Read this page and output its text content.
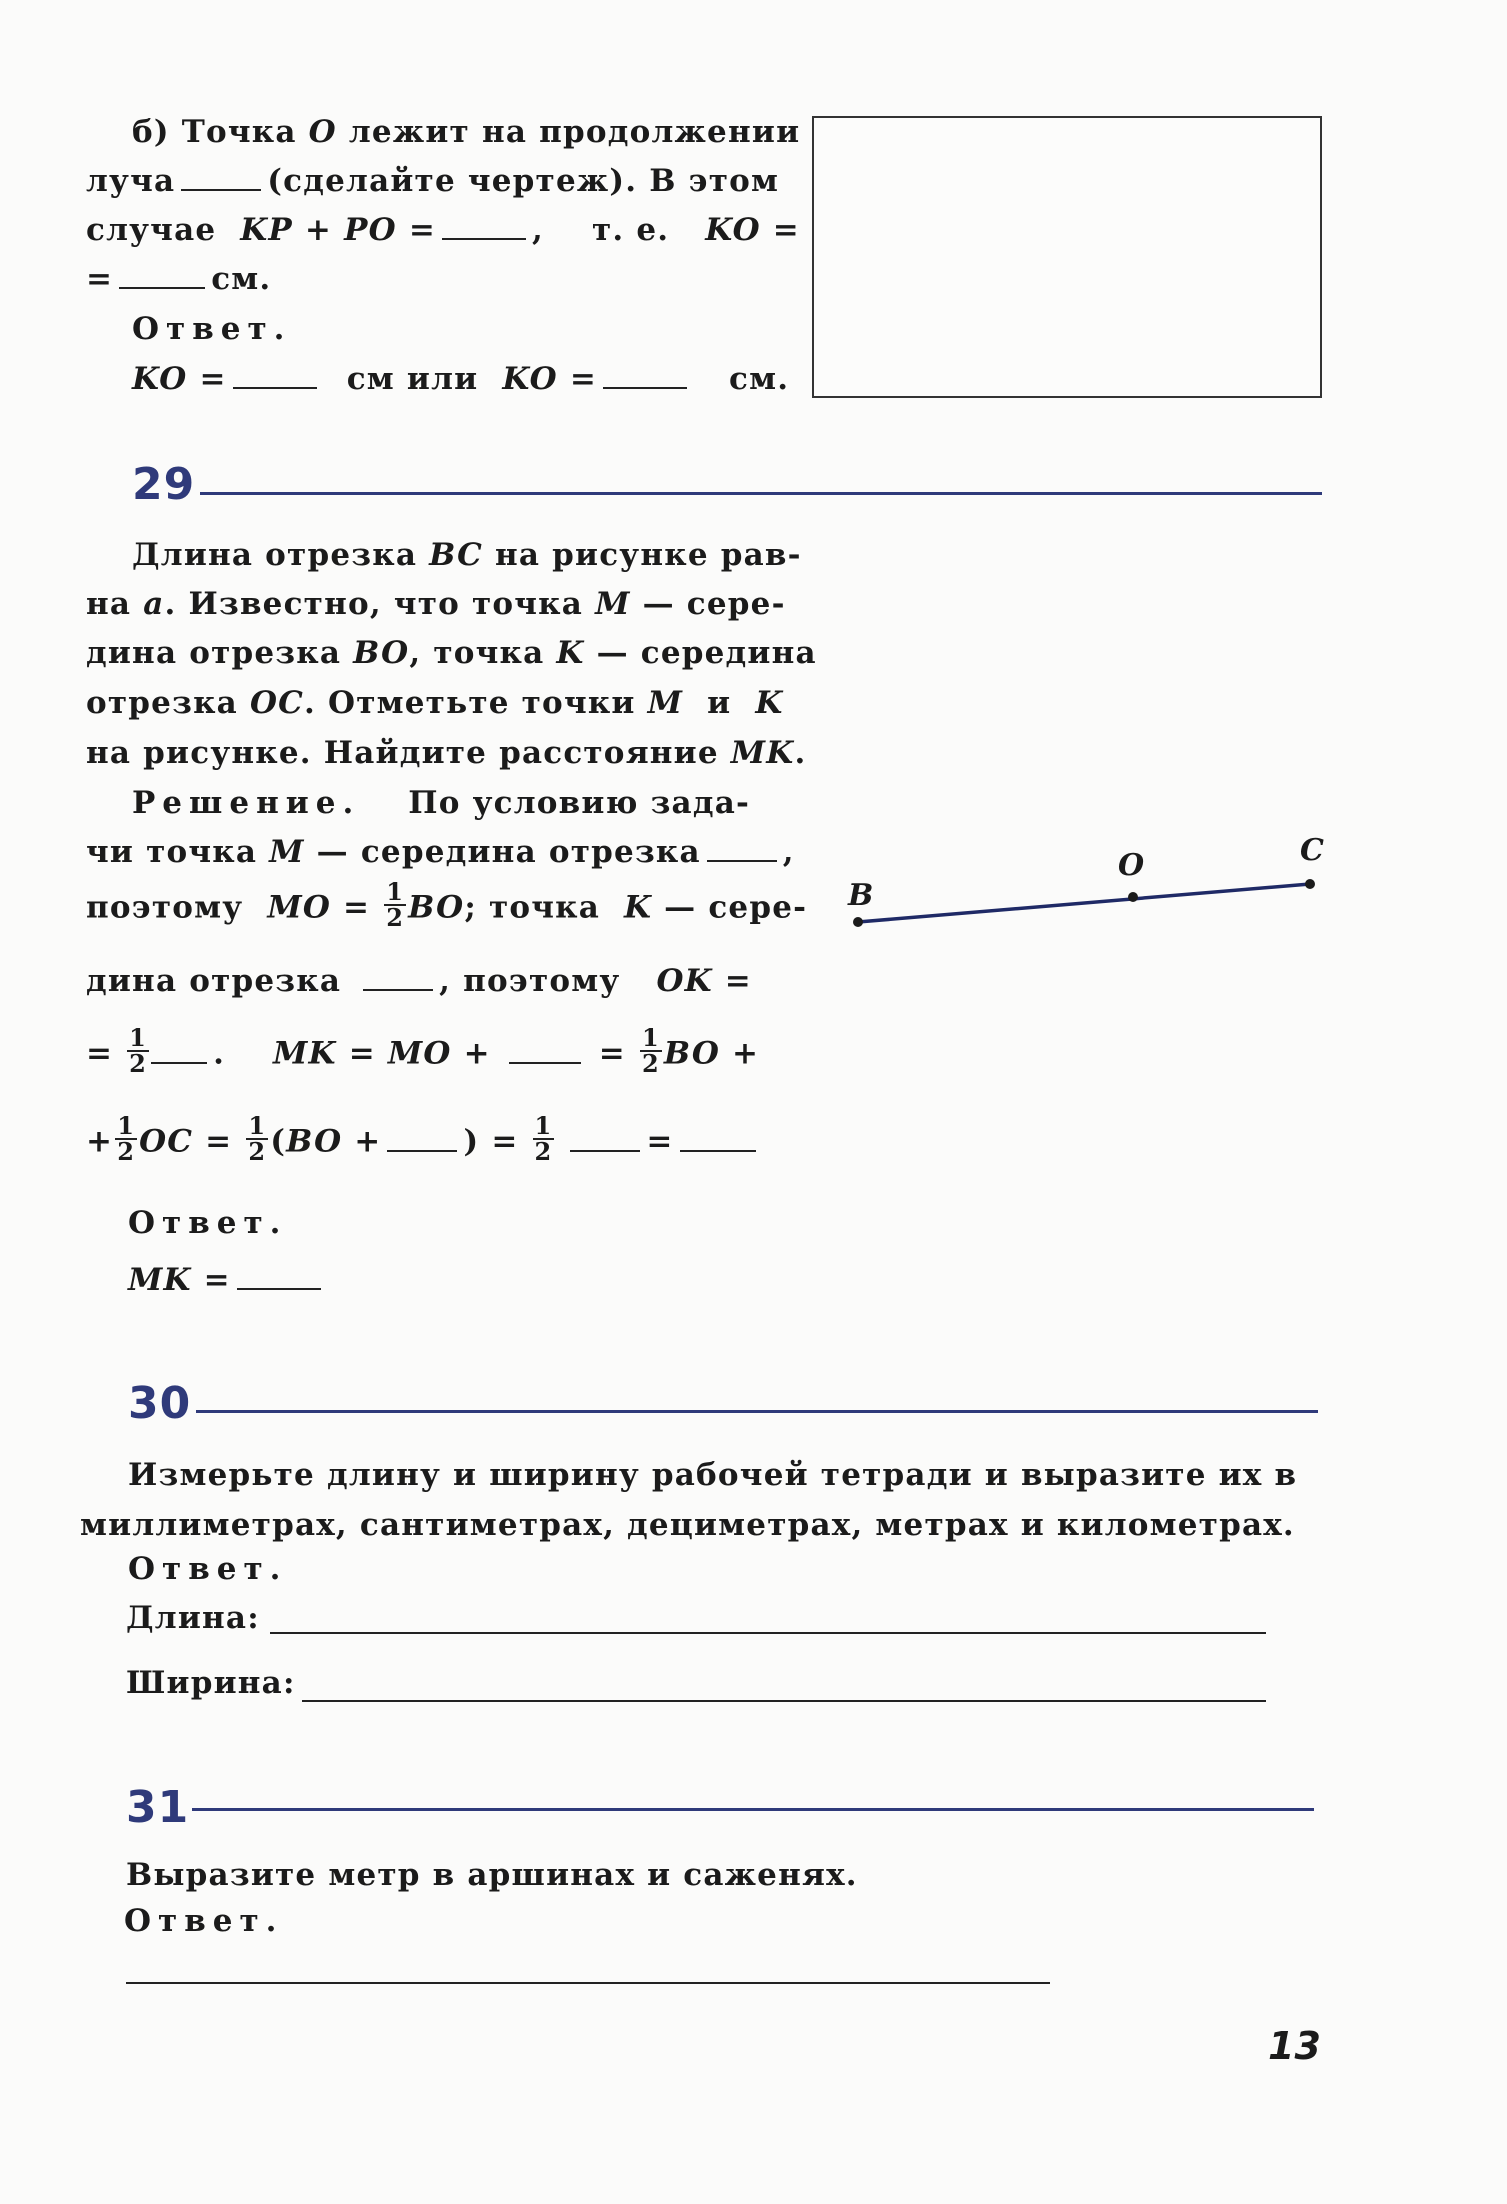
б) Точка O лежит на продолжении
луча	(сделайте чертеж). В этом
случае KP + PO =	,    т. е. KO =
=	см.
Ответ.
KO =	см или KO =	см.
29
Длина отрезка BC на рисунке рав-
на a. Известно, что точка M — сере-
дина отрезка BO, точка K — середина
отрезка OC. Отметьте точки M и K
на рисунке. Найдите расстояние MK.
Решение. По условию зада-
чи точка M — середина отрезка	,
поэтому MO = $\frac{1}{2}$ BO; точка K — сере-
дина отрезка	, поэтому OK =
= $\frac{1}{2}$ .    MK = MO +	= $\frac{1}{2}$ BO +
+ $\frac{1}{2}$ OC = $\frac{1}{2} (BO$ +	) = $\frac{1}{2}$	=
Ответ.
MK =
B
O	C
30
Измерьте длину и ширину рабочей тетради и выразите их в
миллиметрах, сантиметрах, дециметрах, метрах и километрах.
Ответ.
Длина:
Ширина:
31
Выразите метр в аршинах и саженях.
Ответ.
13
